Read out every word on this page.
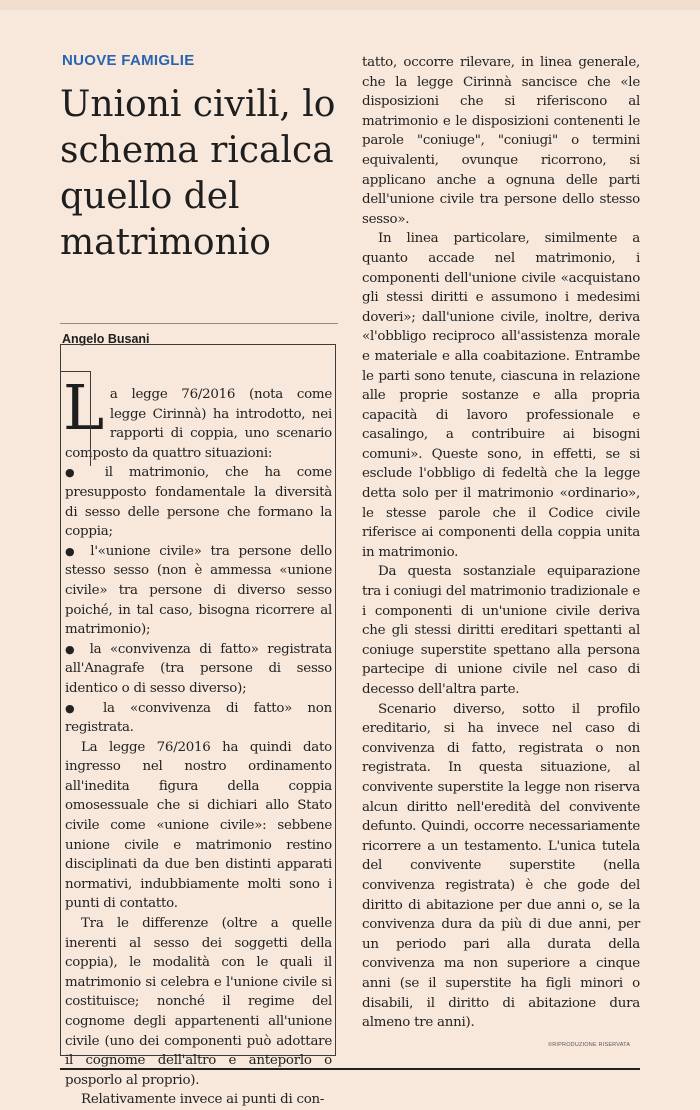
NUOVE FAMIGLIE
Unioni civili, lo schema ricalca quello del matrimonio
Angelo Busani

La legge 76/2016 (nota come legge Cirinnà) ha introdotto, nei rapporti di coppia, uno scenario composto da quattro situazioni:

● il matrimonio, che ha come presupposto fondamentale la diversità di sesso delle persone che formano la coppia;

● l'«unione civile» tra persone dello stesso sesso (non è ammessa «unione civile» tra persone di diverso sesso poiché, in tal caso, bisogna ricorrere al matrimonio);

● la «convivenza di fatto» registrata all'Anagrafe (tra persone di sesso identico o di sesso diverso);

● la «convivenza di fatto» non registrata.

La legge 76/2016 ha quindi dato ingresso nel nostro ordinamento all'inedita figura della coppia omosessuale che si dichiari allo Stato civile come «unione civile»: sebbene unione civile e matrimonio restino disciplinati da due ben distinti apparati normativi, indubbiamente molti sono i punti di contatto.

Tra le differenze (oltre a quelle inerenti al sesso dei soggetti della coppia), le modalità con le quali il matrimonio si celebra e l'unione civile si costituisce; nonché il regime del cognome degli appartenenti all'unione civile (uno dei componenti può adottare il cognome dell'altro e anteporlo o posporlo al proprio).

Relativamente invece ai punti di con-

tatto, occorre rilevare, in linea generale, che la legge Cirinnà sancisce che «le disposizioni che si riferiscono al matrimonio e le disposizioni contenenti le parole "coniuge", "coniugi" o termini equivalenti, ovunque ricorrono, si applicano anche a ognuna delle parti dell'unione civile tra persone dello stesso sesso».

In linea particolare, similmente a quanto accade nel matrimonio, i componenti dell'unione civile «acquistano gli stessi diritti e assumono i medesimi doveri»; dall'unione civile, inoltre, deriva «l'obbligo reciproco all'assistenza morale e materiale e alla coabitazione. Entrambe le parti sono tenute, ciascuna in relazione alle proprie sostanze e alla propria capacità di lavoro professionale e casalingo, a contribuire ai bisogni comuni». Queste sono, in effetti, se si esclude l'obbligo di fedeltà che la legge detta solo per il matrimonio «ordinario», le stesse parole che il Codice civile riferisce ai componenti della coppia unita in matrimonio.

Da questa sostanziale equiparazione tra i coniugi del matrimonio tradizionale e i componenti di un'unione civile deriva che gli stessi diritti ereditari spettanti al coniuge superstite spettano alla persona partecipe di unione civile nel caso di decesso dell'altra parte.

Scenario diverso, sotto il profilo ereditario, si ha invece nel caso di convivenza di fatto, registrata o non registrata. In questa situazione, al convivente superstite la legge non riserva alcun diritto nell'eredità del convivente defunto. Quindi, occorre necessariamente ricorrere a un testamento. L'unica tutela del convivente superstite (nella convivenza registrata) è che gode del diritto di abitazione per due anni o, se la convivenza dura da più di due anni, per un periodo pari alla durata della convivenza ma non superiore a cinque anni (se il superstite ha figli minori o disabili, il diritto di abitazione dura almeno tre anni).

©RIPRODUZIONE RISERVATA
